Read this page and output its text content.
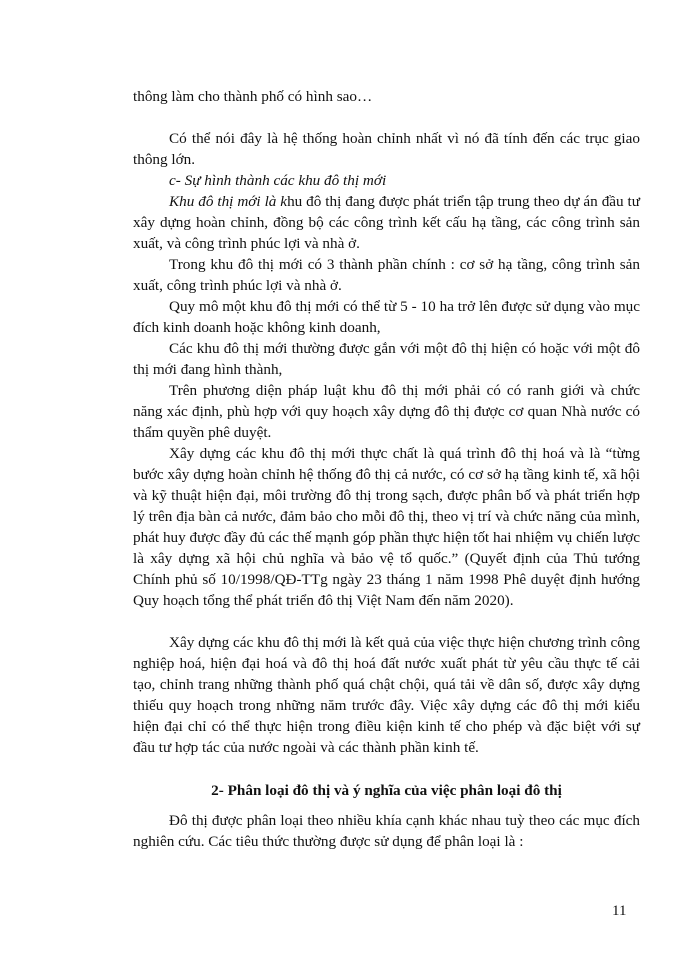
thông làm cho thành phố có hình sao…

Có thể nói đây là hệ thống hoàn chỉnh nhất vì nó đã tính đến các trục giao thông lớn.

c- Sự hình thành các khu đô thị mới

Khu đô thị mới là khu đô thị đang được phát triển tập trung theo dự án đầu tư xây dựng hoàn chỉnh, đồng bộ các công trình kết cấu hạ tầng, các công trình sản xuất, và công trình phúc lợi và nhà ở.

Trong khu đô thị mới có 3 thành phần chính : cơ sở hạ tầng, công trình sản xuất, công trình phúc lợi và nhà ở.

Quy mô một khu đô thị mới có thể từ 5 - 10 ha trở lên được sử dụng vào mục đích kinh doanh hoặc không kinh doanh,

Các khu đô thị mới thường được gắn với một đô thị hiện có hoặc với một đô thị mới đang hình thành,

Trên phương diện pháp luật khu đô thị mới phải có có ranh giới và chức năng xác định, phù hợp với quy hoạch xây dựng đô thị được cơ quan Nhà nước có thẩm quyền phê duyệt.

Xây dựng các khu đô thị mới thực chất là quá trình đô thị hoá và là “từng bước xây dựng hoàn chỉnh hệ thống đô thị cả nước, có cơ sở hạ tầng kinh tế, xã hội và kỹ thuật hiện đại, môi trường đô thị trong sạch, được phân bố và phát triển hợp lý trên địa bàn cả nước, đảm bảo cho mỗi đô thị, theo vị trí và chức năng của mình, phát huy được đầy đủ các thế mạnh góp phần thực hiện tốt hai nhiệm vụ chiến lược là xây dựng xã hội chủ nghĩa và bảo vệ tổ quốc.” (Quyết định của Thủ tướng Chính phủ số 10/1998/QĐ-TTg ngày 23 tháng 1 năm 1998 Phê duyệt định hướng Quy hoạch tổng thể phát triển đô thị Việt Nam đến năm 2020).

Xây dựng các khu đô thị mới là kết quả của việc thực hiện chương trình công nghiệp hoá, hiện đại hoá và đô thị hoá đất nước xuất phát từ yêu cầu thực tế cải tạo, chỉnh trang những thành phố quá chật chội, quá tải về dân số, được xây dựng thiếu quy hoạch trong những năm trước đây. Việc xây dựng các đô thị mới kiểu hiện đại chỉ có thể thực hiện trong điều kiện kinh tế cho phép và đặc biệt với sự đầu tư hợp tác của nước ngoài và các thành phần kinh tế.

2- Phân loại đô thị và ý nghĩa của việc phân loại đô thị

Đô thị được phân loại theo nhiều khía cạnh khác nhau tuỳ theo các mục đích nghiên cứu. Các tiêu thức thường được sử dụng để phân loại là :

11
